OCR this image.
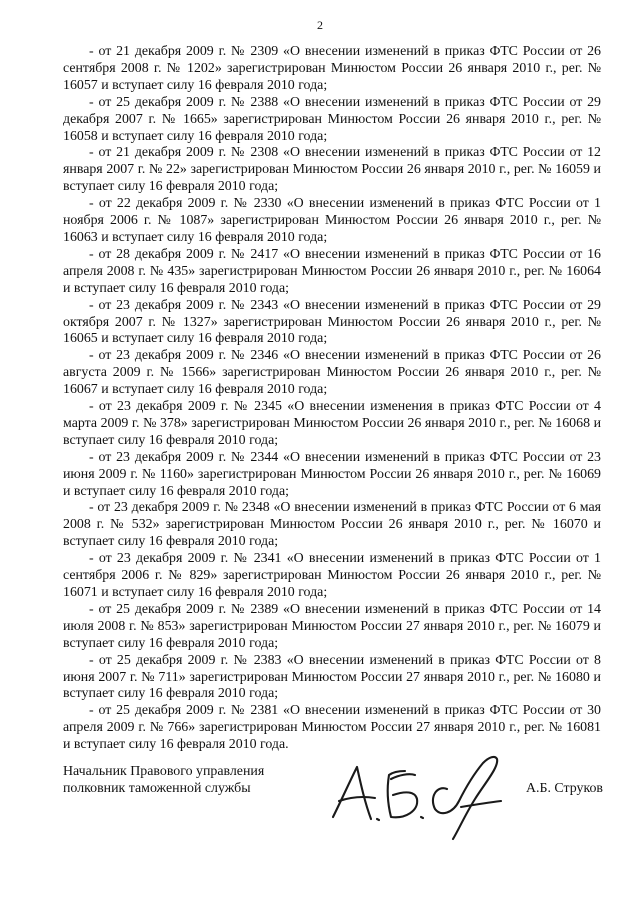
2

- от 21 декабря 2009 г. № 2309 «О внесении изменений в приказ ФТС России от 26 сентября 2008 г. № 1202» зарегистрирован Минюстом России 26 января 2010 г., рег. № 16057 и вступает силу 16 февраля 2010 года;

- от 25 декабря 2009 г. № 2388 «О внесении изменений в приказ ФТС России от 29 декабря 2007 г. № 1665» зарегистрирован Минюстом России 26 января 2010 г., рег. № 16058 и вступает силу 16 февраля 2010 года;

- от 21 декабря 2009 г. № 2308 «О внесении изменений в приказ ФТС России от 12 января 2007 г. № 22» зарегистрирован Минюстом России 26 января 2010 г., рег. № 16059 и вступает силу 16 февраля 2010 года;

- от 22 декабря 2009 г. № 2330 «О внесении изменений в приказ ФТС России от 1 ноября 2006 г. № 1087» зарегистрирован Минюстом России 26 января 2010 г., рег. № 16063 и вступает силу 16 февраля 2010 года;

- от 28 декабря 2009 г. № 2417 «О внесении изменений в приказ ФТС России от 16 апреля 2008 г. № 435» зарегистрирован Минюстом России 26 января 2010 г., рег. № 16064 и вступает силу 16 февраля 2010 года;

- от 23 декабря 2009 г. № 2343 «О внесении изменений в приказ ФТС России от 29 октября 2007 г. № 1327» зарегистрирован Минюстом России 26 января 2010 г., рег. № 16065 и вступает силу 16 февраля 2010 года;

- от 23 декабря 2009 г. № 2346 «О внесении изменений в приказ ФТС России от 26 августа 2009 г. № 1566» зарегистрирован Минюстом России 26 января 2010 г., рег. № 16067 и вступает силу 16 февраля 2010 года;

- от 23 декабря 2009 г. № 2345 «О внесении изменения в приказ ФТС России от 4 марта 2009 г. № 378» зарегистрирован Минюстом России 26 января 2010 г., рег. № 16068 и вступает силу 16 февраля 2010 года;

- от 23 декабря 2009 г. № 2344 «О внесении изменений в приказ ФТС России от 23 июня 2009 г. № 1160» зарегистрирован Минюстом России 26 января 2010 г., рег. № 16069 и вступает силу 16 февраля 2010 года;

- от 23 декабря 2009 г. № 2348 «О внесении изменений в приказ ФТС России от 6 мая 2008 г. № 532» зарегистрирован Минюстом России 26 января 2010 г., рег. № 16070 и вступает силу 16 февраля 2010 года;

- от 23 декабря 2009 г. № 2341 «О внесении изменений в приказ ФТС России от 1 сентября 2006 г. № 829» зарегистрирован Минюстом России 26 января 2010 г., рег. № 16071 и вступает силу 16 февраля 2010 года;

- от 25 декабря 2009 г. № 2389 «О внесении изменений в приказ ФТС России от 14 июля 2008 г. № 853» зарегистрирован Минюстом России 27 января 2010 г., рег. № 16079 и вступает силу 16 февраля 2010 года;

- от 25 декабря 2009 г. № 2383 «О внесении изменений в приказ ФТС России от 8 июня 2007 г. № 711» зарегистрирован Минюстом России 27 января 2010 г., рег. № 16080 и вступает силу 16 февраля 2010 года;

- от 25 декабря 2009 г. № 2381 «О внесении изменений в приказ ФТС России от 30 апреля 2009 г. № 766» зарегистрирован Минюстом России 27 января 2010 г., рег. № 16081 и вступает силу 16 февраля 2010 года.

Начальник Правового управления
полковник таможенной службы	А.Б. Струков
